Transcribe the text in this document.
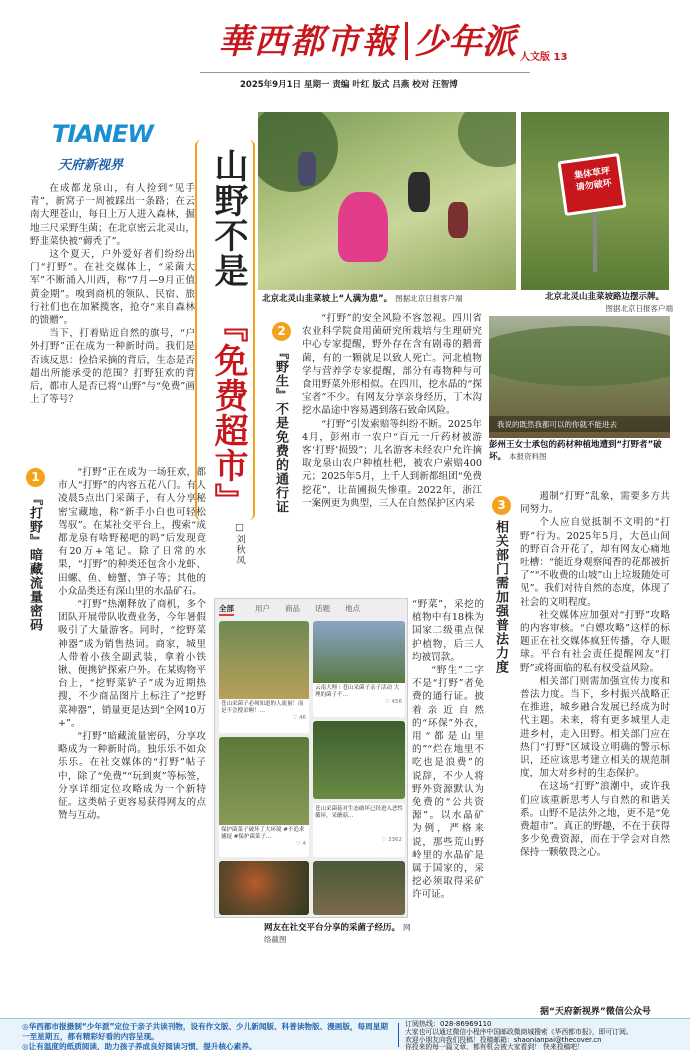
華西都市報 少年派 人文版 13
2025年9月1日 星期一 责编 叶红 版式 吕燕 校对 汪智博
TIANEW
天府新视界

在成都龙泉山，有人捡到“见手青”，新窝子一周被踩出一条路；在云南大理苍山，每日上万人进入森林，掘地三尺采野生菌；在北京密云北灵山，野韭菜快被“薅秃了”。

这个夏天，户外爱好者们纷纷出门“打野”。在社交媒体上，“采菌大军”不断涌入川西，称“7月—9月正值黄金期”。嗅到商机的领队、民宿、旅行社们也在加紧揽客，抢夺“来自森林的馈赠”。

当下，打着贴近自然的旗号，“户外打野”正在成为一种新时尚。我们是否该反思：捡拾采摘的背后，生态是否超出所能承受的范围？打野狂欢的背后，都市人是否已将“山野”与“免费”画上了等号？

山野不是
『免费超市』
□刘秋凤
北京北灵山韭菜坡上“人满为患”。 图据北京日报客户端
集体草坪 请勿破坏
北京北灵山韭菜坡路边摆示牌。
图据北京日报客户端
2
『野生』不是免费的通行证

“打野”的安全风险不容忽视。四川省农业科学院食用菌研究所栽培与生理研究中心专家提醒，野外存在含有剧毒的鹅膏菌，有的一颗就足以致人死亡。河北植物学与营养学专家提醒，部分有毒物种与可食用野菜外形相似。在四川，挖水晶的“探宝者”不少。有网友分享亲身经历，丁木沟挖水晶途中容易遇到落石致命风险。

“打野”引发索赔等纠纷不断。2025年4月，彭州市一农户“百元一斤药材被游客‘打野’损毁”；儿名游客未经农户允许摘取龙泉山农户种植杜杷，被农户索赔400元；2025年5月，上千人到新都组团“免费挖花”，让苗圃损失惨重。2022年，浙江一案例更为典型，三人在自然保护区内采

“野菜”，采挖的植物中有18株为国家二级重点保护植物，后三人均被罚款。

“野生”二字不是“打野”者免费的通行证。披着亲近自然的“环保”外衣，用“都是山里的”“烂在地里不吃也是浪费”的说辞，不少人将野外资源默认为免费的“公共资源”。以水晶矿为例，严格来说，那些荒山野岭里的水晶矿是属于国家的，采挖必须取得采矿许可证。

我说的既然我都可以的你就不能进去
彭州王女士承包的药材种植地遭到“打野者”破坏。 本报资料图
1
『打野』暗藏流量密码

“打野”正在成为一场狂欢，都市人“打野”的内容五花八门。有人凌晨5点出门采菌子，有人分享秘密宝藏地，称“新手小白也可轻松驾驭”。在某社交平台上，搜索“成都龙泉有啥野秘吧的吗”后发现竟有20万+笔记。除了日常的水果，“打野”的种类还包含小龙虾、田螺、鱼、螃蟹、笋子等；其他的小众品类还有深山里的水晶矿石。

“打野”热潮释放了商机，多个团队开展带队收费业务，今年暑假吸引了大量游客。同时，“挖野菜神器”成为销售热词。商家，城里人带着小孩全副武装，拿着小铁锹、便携铲探索户外。在某购物平台上，“挖野菜铲子”成为近期热搜，不少商品图片上标注了“挖野菜神器”，销量更是达到“全网10万+”。

“打野”暗藏流量密码，分享攻略成为一种新时尚。独乐乐不如众乐乐。在社交媒体的“打野”帖子中，除了“免费”“玩到爽”等标签，分享详细定位攻略成为一个新特征。这类帖子更容易获得网友的点赞与互动。

全部	用户 商品 话题 地点
苍山采菌子必须知道的人流量！而是不会搜采啊！…
♡ 46
云南大理｜苍山采菌子亲子活动 大理的菌子不…
♡ 456
保护菌菜子破坏了大环境 #不追求捕捉 #保护菌菜子…
♡ 4
苍山采菌菇对生态破坏已经进入恶性循环，采蘑菇…
♡ 3362
网友在社交平台分享的采菌子经历。 网络截图
3
相关部门需加强普法力度

遏制“打野”乱象，需要多方共同努力。

个人应自觉抵制不文明的“打野”行为。2025年5月，大邑山间的野百合开花了，却有网友心痛地吐槽：“能近身观察闻香的花都被折了”“不收费的山坡”山上垃圾随处可见”。我们对待自然的态度，体现了社会的文明程度。

社交媒体应加强对“打野”攻略的内容审核。“白嫖攻略”这样的标题正在社交媒体疯狂传播，夺人眼球。平台有社会责任提醒网友“打野”或将面临的私有权受益风险。

相关部门则需加强宣传力度和普法力度。当下，乡村振兴战略正在推进，城乡融合发展已经成为时代主题。未来，将有更多城里人走进乡村，走入田野。相关部门应在热门“打野”区域设立明确的警示标识，还应该思考建立相关的规范制度，加大对乡村的生态保护。

在这场“打野”浪潮中，或许我们应该重新思考人与自然的和谐关系。山野不是法外之地，更不是“免费超市”。真正的野趣，不在于获得多少免费资源，而在于学会对自然保持一颗敬畏之心。

据“天府新视界”微信公众号
◎华西都市报摄制“少年派”定位于亲子共读刊物，设有作文版、少儿新闻版、科普读物版、漫画版，每周星期一至星期五，都有精彩好看的内容呈现。
◎让有温度的纸质阅读，助力孩子养成良好阅读习惯，提升核心素养。
订阅热线：028-86969110
大家也可以通过微信小程序中国邮政微商城搜索《华西都市报》，即可订阅。
欢迎小朋友向我们投稿！投稿邮箱：shaonianpai@thecover.cn
你投来的每一篇文章，都有机会被大家看到！ 快来投稿吧！
